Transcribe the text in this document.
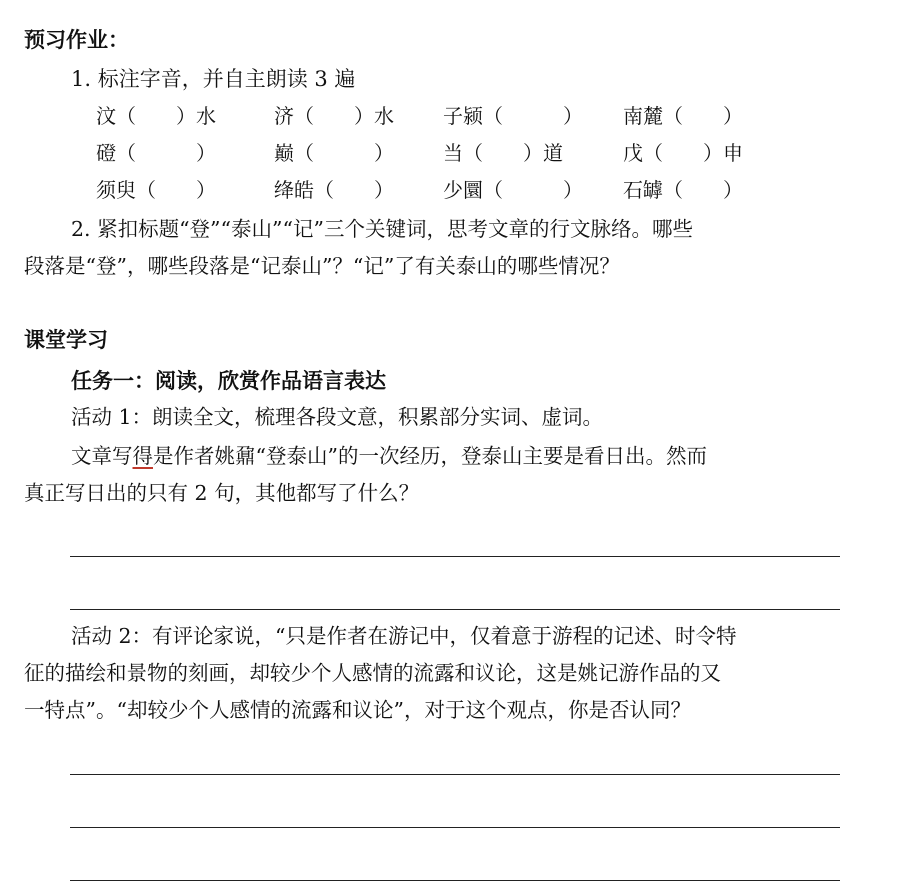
预习作业：
1. 标注字音，并自主朗读 3 遍
汶（　　）水	济（　　）水 子颍（　　　） 南麓（　　）
磴（　　　）	巅（　　　） 当（　　）道	戊（　　）申
须臾（　　）	绛皓（　　） 少圜（　　　） 石罅（　　）
2. 紧扣标题“登”“泰山”“记”三个关键词，思考文章的行文脉络。哪些
段落是“登”，哪些段落是“记泰山”？“记”了有关泰山的哪些情况？
课堂学习
任务一：阅读，欣赏作品语言表达
活动 1：朗读全文，梳理各段文意，积累部分实词、虚词。
文章写得是作者姚鼐“登泰山”的一次经历，登泰山主要是看日出。然而
真正写日出的只有 2 句，其他都写了什么？
活动 2：有评论家说，“只是作者在游记中，仅着意于游程的记述、时令特
征的描绘和景物的刻画，却较少个人感情的流露和议论，这是姚记游作品的又
一特点”。“却较少个人感情的流露和议论”，对于这个观点，你是否认同？
